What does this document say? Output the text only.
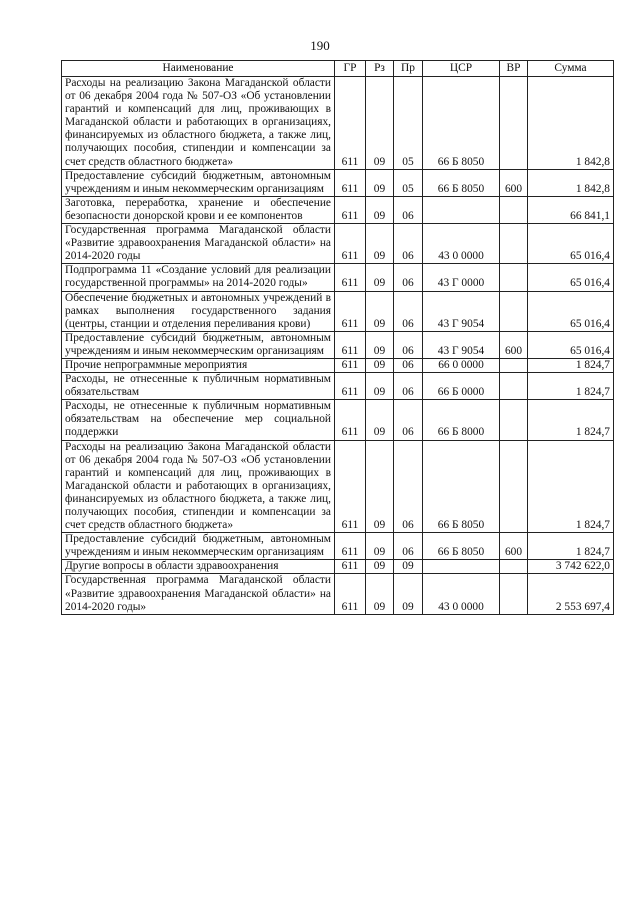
190
Наименование	ГР	Рз	Пр	ЦСР	ВР	Сумма
Расходы на реализацию Закона Магаданской области от 06 декабря 2004 года № 507-ОЗ «Об установлении гарантий и компенсаций для лиц, проживающих в Магаданской области и работающих в организациях, финансируемых из областного бюджета, а также лиц, получающих пособия, стипендии и компенсации за счет средств областного бюджета»	611	09	05	66 Б 8050		1 842,8
Предоставление субсидий бюджетным, автономным учреждениям и иным некоммерческим организациям	611	09	05	66 Б 8050	600	1 842,8
Заготовка, переработка, хранение и обеспечение безопасности донорской крови и ее компонентов	611	09	06			66 841,1
Государственная программа Магаданской области «Развитие здравоохранения Магаданской области» на 2014-2020 годы	611	09	06	43 0 0000		65 016,4
Подпрограмма 11 «Создание условий для реализации государственной программы» на 2014-2020 годы»	611	09	06	43 Г 0000		65 016,4
Обеспечение бюджетных и автономных учреждений в рамках выполнения государственного задания (центры, станции и отделения переливания крови)	611	09	06	43 Г 9054		65 016,4
Предоставление субсидий бюджетным, автономным учреждениям и иным некоммерческим организациям	611	09	06	43 Г 9054	600	65 016,4
Прочие непрограммные мероприятия	611	09	06	66 0 0000		1 824,7
Расходы, не отнесенные к публичным нормативным обязательствам	611	09	06	66 Б 0000		1 824,7
Расходы, не отнесенные к публичным нормативным обязательствам на обеспечение мер социальной поддержки	611	09	06	66 Б 8000		1 824,7
Расходы на реализацию Закона Магаданской области от 06 декабря 2004 года № 507-ОЗ «Об установлении гарантий и компенсаций для лиц, проживающих в Магаданской области и работающих в организациях, финансируемых из областного бюджета, а также лиц, получающих пособия, стипендии и компенсации за счет средств областного бюджета»	611	09	06	66 Б 8050		1 824,7
Предоставление субсидий бюджетным, автономным учреждениям и иным некоммерческим организациям	611	09	06	66 Б 8050	600	1 824,7
Другие вопросы в области здравоохранения	611	09	09			3 742 622,0
Государственная программа Магаданской области «Развитие здравоохранения Магаданской области» на 2014-2020 годы»	611	09	09	43 0 0000		2 553 697,4
